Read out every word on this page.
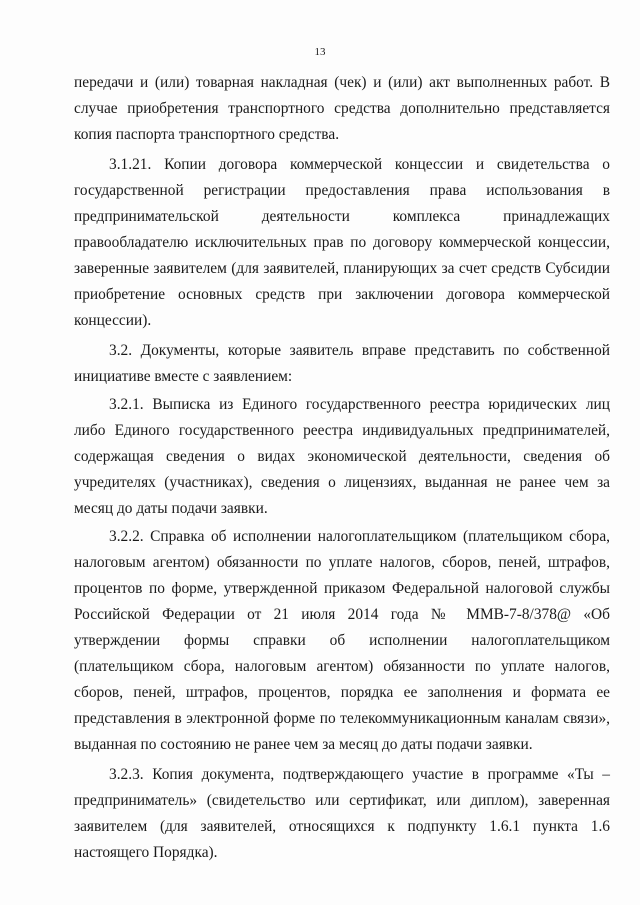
13

передачи и (или) товарная накладная (чек) и (или) акт выполненных работ. В случае приобретения транспортного средства дополнительно представляется копия паспорта транспортного средства.

3.1.21. Копии договора коммерческой концессии и свидетельства о государственной регистрации предоставления права использования в предпринимательской деятельности комплекса принадлежащих правообладателю исключительных прав по договору коммерческой концессии, заверенные заявителем (для заявителей, планирующих за счет средств Субсидии приобретение основных средств при заключении договора коммерческой концессии).

3.2. Документы, которые заявитель вправе представить по собственной инициативе вместе с заявлением:

3.2.1. Выписка из Единого государственного реестра юридических лиц либо Единого государственного реестра индивидуальных предпринимателей, содержащая сведения о видах экономической деятельности, сведения об учредителях (участниках), сведения о лицензиях, выданная не ранее чем за месяц до даты подачи заявки.

3.2.2. Справка об исполнении налогоплательщиком (плательщиком сбора, налоговым агентом) обязанности по уплате налогов, сборов, пеней, штрафов, процентов по форме, утвержденной приказом Федеральной налоговой службы Российской Федерации от 21 июля 2014 года № ММВ-7-8/378@ «Об утверждении формы справки об исполнении налогоплательщиком (плательщиком сбора, налоговым агентом) обязанности по уплате налогов, сборов, пеней, штрафов, процентов, порядка ее заполнения и формата ее представления в электронной форме по телекоммуникационным каналам связи», выданная по состоянию не ранее чем за месяц до даты подачи заявки.

3.2.3. Копия документа, подтверждающего участие в программе «Ты – предприниматель» (свидетельство или сертификат, или диплом), заверенная заявителем (для заявителей, относящихся к подпункту 1.6.1 пункта 1.6 настоящего Порядка).
